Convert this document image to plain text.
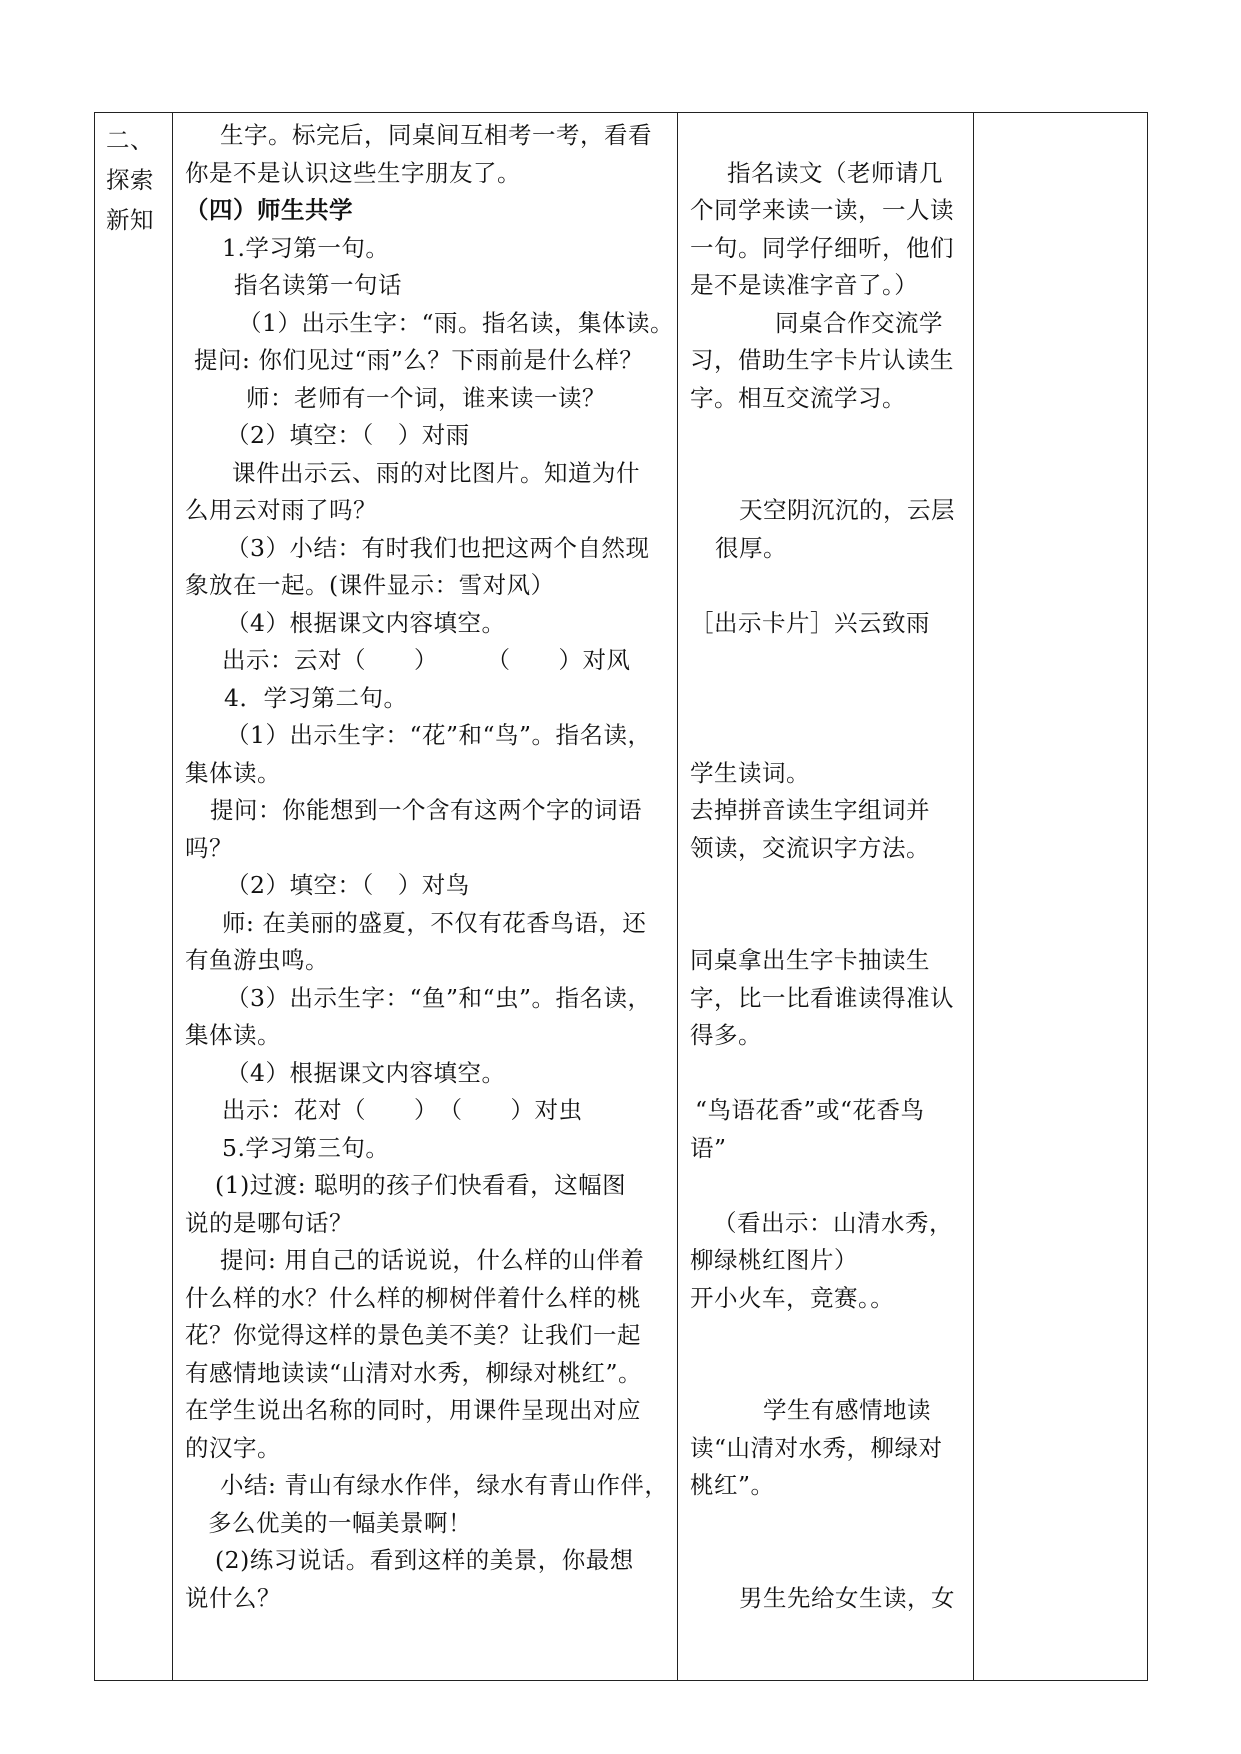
二、
探索
新知
生字。标完后，同桌间互相考一考，看看
你是不是认识这些生字朋友了。
（四）师生共学
1.学习第一句。
指名读第一句话
（1）出示生字：“雨。指名读，集体读。
提问: 你们见过“雨”么？下雨前是什么样？
师：老师有一个词，谁来读一读？
（2）填空：（　）对雨
课件出示云、雨的对比图片。知道为什
么用云对雨了吗？
（3）小结：有时我们也把这两个自然现
象放在一起。(课件显示：雪对风）
（4）根据课文内容填空。
出示：云对（　　）　　　（　　）对风
4．学习第二句。
（1）出示生字：“花”和“鸟”。指名读，
集体读。
提问：你能想到一个含有这两个字的词语
吗？
（2）填空：（　）对鸟
师: 在美丽的盛夏，不仅有花香鸟语，还
有鱼游虫鸣。
（3）出示生字：“鱼”和“虫”。指名读，
集体读。
（4）根据课文内容填空。
出示：花对（　　）　（　　）对虫
5.学习第三句。
(1)过渡: 聪明的孩子们快看看，这幅图
说的是哪句话？
提问: 用自己的话说说，什么样的山伴着
什么样的水？什么样的柳树伴着什么样的桃
花？你觉得这样的景色美不美？让我们一起
有感情地读读“山清对水秀，柳绿对桃红”。
在学生说出名称的同时，用课件呈现出对应
的汉字。
小结: 青山有绿水作伴，绿水有青山作伴，
多么优美的一幅美景啊！
(2)练习说话。看到这样的美景，你最想
说什么？
指名读文（老师请几
个同学来读一读，一人读
一句。同学仔细听，他们
是不是读准字音了。）
同桌合作交流学
习，借助生字卡片认读生
字。相互交流学习。
天空阴沉沉的，云层
很厚。
［出示卡片］兴云致雨
学生读词。
去掉拼音读生字组词并
领读，交流识字方法。
同桌拿出生字卡抽读生
字，比一比看谁读得准认
得多。
“鸟语花香”或“花香鸟
语”
（看出示：山清水秀，
柳绿桃红图片）
开小火车，竞赛。。
学生有感情地读
读“山清对水秀，柳绿对
桃红”。
男生先给女生读，女
